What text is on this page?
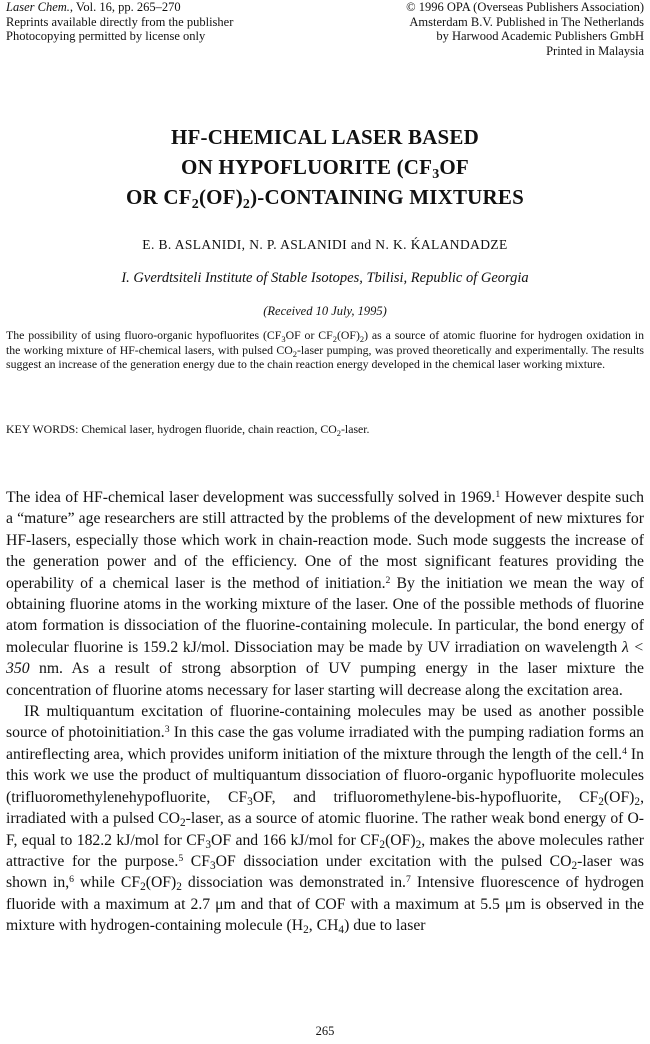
Laser Chem., Vol. 16, pp. 265–270
Reprints available directly from the publisher
Photocopying permitted by license only
© 1996 OPA (Overseas Publishers Association)
Amsterdam B.V. Published in The Netherlands
by Harwood Academic Publishers GmbH
Printed in Malaysia
HF-CHEMICAL LASER BASED
ON HYPOFLUORITE ($CF_3OF$
OR $CF_2(OF)_2$)-CONTAINING MIXTURES
E. B. ASLANIDI, N. P. ASLANIDI and N. K. ḰALANDADZE
I. Gverdtsiteli Institute of Stable Isotopes, Tbilisi, Republic of Georgia
(Received 10 July, 1995)
The possibility of using fluoro-organic hypofluorites ($CF_3OF$ or $CF_2(OF)_2$) as a source of atomic fluorine for hydrogen oxidation in the working mixture of HF-chemical lasers, with pulsed $CO_2$-laser pumping, was proved theoretically and experimentally. The results suggest an increase of the generation energy due to the chain reaction energy developed in the chemical laser working mixture.
KEY WORDS: Chemical laser, hydrogen fluoride, chain reaction, $CO_2$-laser.

The idea of HF-chemical laser development was successfully solved in 1969.$^1$ However despite such a “mature” age researchers are still attracted by the problems of the development of new mixtures for HF-lasers, especially those which work in chain-reaction mode. Such mode suggests the increase of the generation power and of the efficiency. One of the most significant features providing the operability of a chemical laser is the method of initiation.$^2$ By the initiation we mean the way of obtaining fluorine atoms in the working mixture of the laser. One of the possible methods of fluorine atom formation is dissociation of the fluorine-containing molecule. In particular, the bond energy of molecular fluorine is 159.2 kJ/mol. Dissociation may be made by UV irradiation on wavelength λ < 350 nm. As a result of strong absorption of UV pumping energy in the laser mixture the concentration of fluorine atoms necessary for laser starting will decrease along the excitation area.

IR multiquantum excitation of fluorine-containing molecules may be used as another possible source of photoinitiation.$^3$ In this case the gas volume irradiated with the pumping radiation forms an antireflecting area, which provides uniform initiation of the mixture through the length of the cell.$^4$ In this work we use the product of multiquantum dissociation of fluoro-organic hypofluorite molecules (trifluoromethylenehypofluorite, $CF_3OF$, and trifluoromethylene-bis-hypofluorite, $CF_2(OF)_2$, irradiated with a pulsed $CO_2$-laser, as a source of atomic fluorine. The rather weak bond energy of O-F, equal to 182.2 kJ/mol for $CF_3OF$ and 166 kJ/mol for $CF_2(OF)_2$, makes the above molecules rather attractive for the purpose.$^5$ $CF_3OF$ dissociation under excitation with the pulsed $CO_2$-laser was shown in,$^6$ while $CF_2(OF)_2$ dissociation was demonstrated in.$^7$ Intensive fluorescence of hydrogen fluoride with a maximum at 2.7 μm and that of COF with a maximum at 5.5 μm is observed in the mixture with hydrogen-containing molecule ($H_2$, $CH_4$) due to laser

265
